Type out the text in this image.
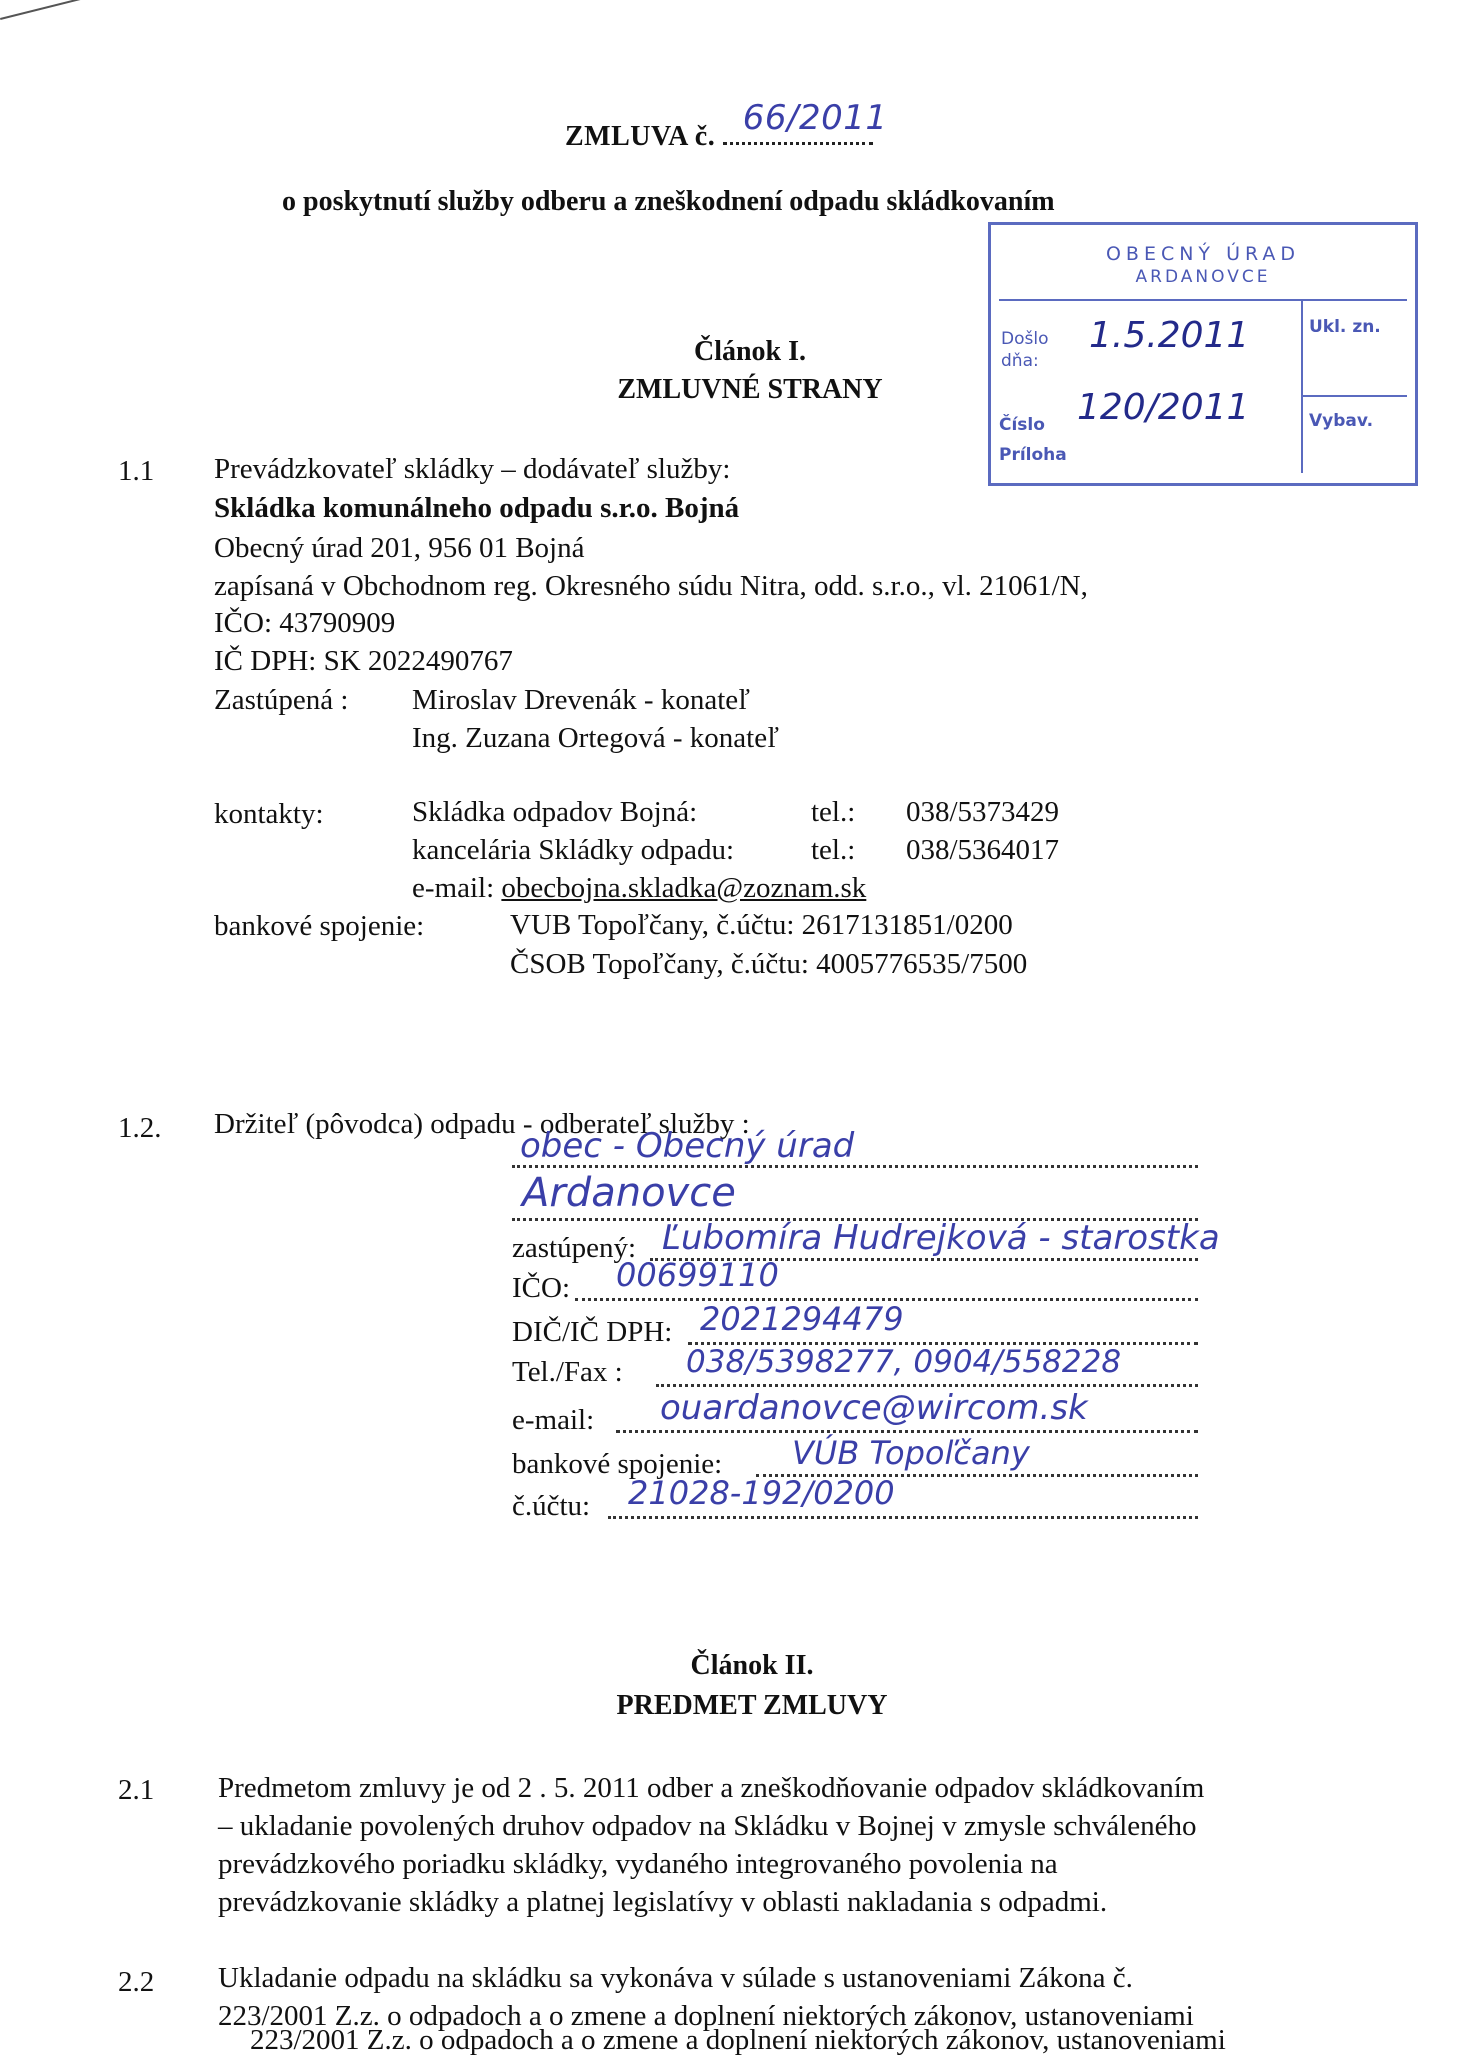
ZMLUVA č. 66/2011
o poskytnutí služby odberu a zneškodnení odpadu skládkovaním
OBECNÝ ÚRAD
ARDANOVCE
Došlo
dňa:
1.5.2011
Číslo 120/2011
Príloha
Ukl. zn.
Vybav.
Článok I.
ZMLUVNÉ STRANY
1.1 Prevádzkovateľ skládky – dodávateľ služby:
Skládka komunálneho odpadu s.r.o. Bojná
Obecný úrad 201, 956 01 Bojná
zapísaná v Obchodnom reg. Okresného súdu Nitra, odd. s.r.o., vl. 21061/N,
IČO: 43790909
IČ DPH: SK 2022490767
Zastúpená : Miroslav Drevenák - konateľ
Ing. Zuzana Ortegová - konateľ
kontakty:	Skládka odpadov Bojná:	tel.: 038/5373429
kancelária Skládky odpadu:	tel.: 038/5364017
e-mail: obecbojna.skladka@zoznam.sk
bankové spojenie:	VUB Topoľčany, č.účtu: 2617131851/0200
ČSOB Topoľčany, č.účtu: 4005776535/7500
1.2. Držiteľ (pôvodca) odpadu - odberateľ služby :
obec - Obecný úrad
Ardanovce
zastúpený: Ľubomíra Hudrejková - starostka
IČO: 00699110
DIČ/IČ DPH: 2021294479
Tel./Fax : 038/5398277, 0904/558228
e-mail: ouardanovce@wircom.sk
bankové spojenie: VÚB Topoľčany
č.účtu: 21028-192/0200
Článok II.
PREDMET ZMLUVY
2.1 Predmetom zmluvy je od 2 . 5. 2011 odber a zneškodňovanie odpadov skládkovaním
– ukladanie povolených druhov odpadov na Skládku v Bojnej v zmysle schváleného
prevádzkového poriadku skládky, vydaného integrovaného povolenia na
prevádzkovanie skládky a platnej legislatívy v oblasti nakladania s odpadmi.
2.2 Ukladanie odpadu na skládku sa vykonáva v súlade s ustanoveniami Zákona č.
223/2001 Z.z. o odpadoch a o zmene a doplnení niektorých zákonov, ustanoveniami
223/2001 Z.z. o odpadoch a o zmene a doplnení niektorých zákonov, ustanoveniami
